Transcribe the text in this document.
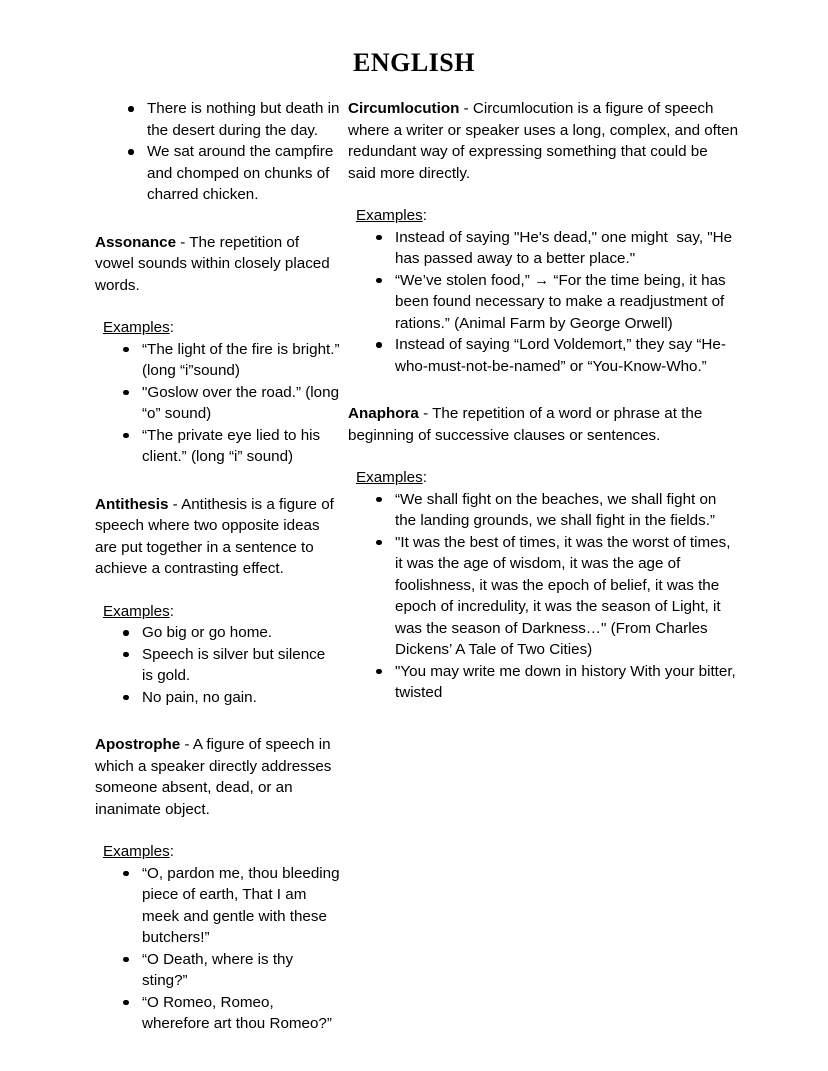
ENGLISH
There is nothing but death in the desert during the day.
We sat around the campfire and chomped on chunks of charred chicken.

Assonance - The repetition of vowel sounds within closely placed words.

Examples:

“The light of the fire is bright.” (long “i”sound)
"Goslow over the road.” (long “o” sound)
“The private eye lied to his client.” (long “i” sound)

Antithesis - Antithesis is a figure of speech where two opposite ideas are put together in a sentence to achieve a contrasting effect.

Examples:

Go big or go home.
Speech is silver but silence is gold.
No pain, no gain.

Apostrophe - A figure of speech in which a speaker directly addresses someone absent, dead, or an inanimate object.

Examples:

“O, pardon me, thou bleeding piece of earth, That I am meek and gentle with these butchers!”
“O Death, where is thy sting?”
“O Romeo, Romeo, wherefore art thou Romeo?”

Circumlocution - Circumlocution is a figure of speech where a writer or speaker uses a long, complex, and often redundant way of expressing something that could be  said more directly.

Examples:

Instead of saying "He's dead," one might  say, "He has passed away to a better place."
“We’ve stolen food,” → “For the time being, it has been found necessary to make a readjustment of rations.” (Animal Farm by George Orwell)
Instead of saying “Lord Voldemort,” they say “He-who-must-not-be-named” or “You-Know-Who.”

Anaphora - The repetition of a word or phrase at the beginning of successive clauses or sentences.

Examples:

“We shall fight on the beaches, we shall fight on the landing grounds, we shall fight in the fields.”
"It was the best of times, it was the worst of times, it was the age of wisdom, it was the age of foolishness, it was the epoch of belief, it was the epoch of incredulity, it was the season of Light, it was the season of Darkness…" (From Charles Dickens’ A Tale of Two Cities)
"You may write me down in history With your bitter, twisted
